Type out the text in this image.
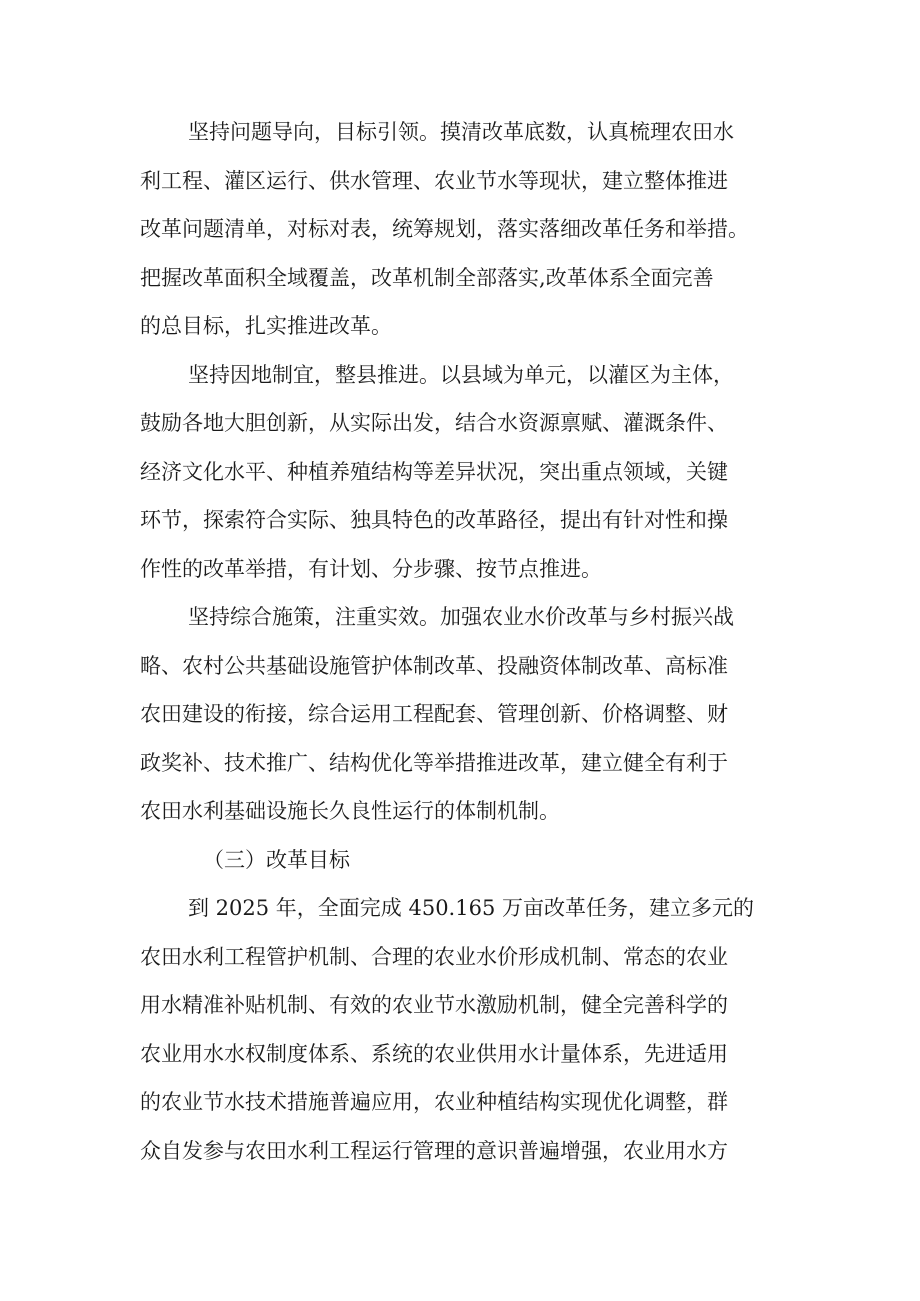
坚持问题导向，目标引领。摸清改革底数，认真梳理农田水
利工程、灌区运行、供水管理、农业节水等现状，建立整体推进
改革问题清单，对标对表，统筹规划，落实落细改革任务和举措。
把握改革面积全域覆盖，改革机制全部落实,改革体系全面完善
的总目标，扎实推进改革。
坚持因地制宜，整县推进。以县域为单元，以灌区为主体，
鼓励各地大胆创新，从实际出发，结合水资源禀赋、灌溉条件、
经济文化水平、种植养殖结构等差异状况，突出重点领域，关键
环节，探索符合实际、独具特色的改革路径，提出有针对性和操
作性的改革举措，有计划、分步骤、按节点推进。
坚持综合施策，注重实效。加强农业水价改革与乡村振兴战
略、农村公共基础设施管护体制改革、投融资体制改革、高标准
农田建设的衔接，综合运用工程配套、管理创新、价格调整、财
政奖补、技术推广、结构优化等举措推进改革，建立健全有利于
农田水利基础设施长久良性运行的体制机制。
（三）改革目标
到 2025 年，全面完成 450.165 万亩改革任务，建立多元的
农田水利工程管护机制、合理的农业水价形成机制、常态的农业
用水精准补贴机制、有效的农业节水激励机制，健全完善科学的
农业用水水权制度体系、系统的农业供用水计量体系，先进适用
的农业节水技术措施普遍应用，农业种植结构实现优化调整，群
众自发参与农田水利工程运行管理的意识普遍增强，农业用水方
